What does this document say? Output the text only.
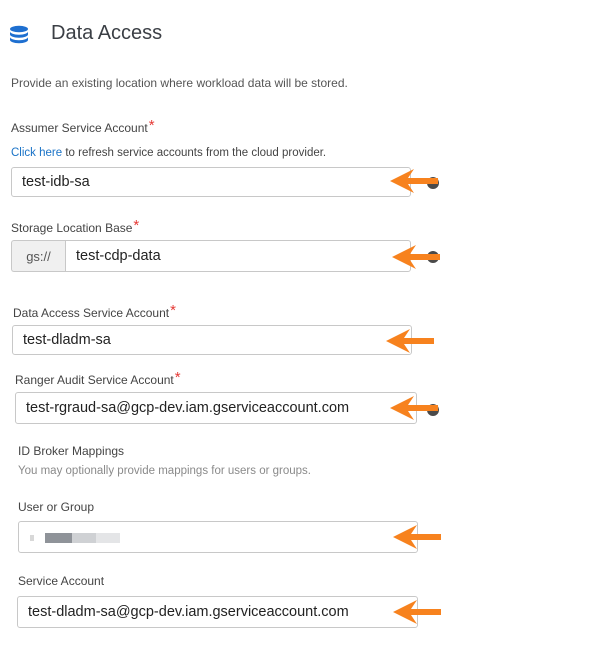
Data Access
Provide an existing location where workload data will be stored.
Assumer Service Account*
Click here to refresh service accounts from the cloud provider.
test-idb-sa
Storage Location Base*
gs://	test-cdp-data
Data Access Service Account*
test-dladm-sa
Ranger Audit Service Account*
test-rgraud-sa@gcp-dev.iam.gserviceaccount.com
ID Broker Mappings
You may optionally provide mappings for users or groups.
User or Group
Service Account
test-dladm-sa@gcp-dev.iam.gserviceaccount.com
